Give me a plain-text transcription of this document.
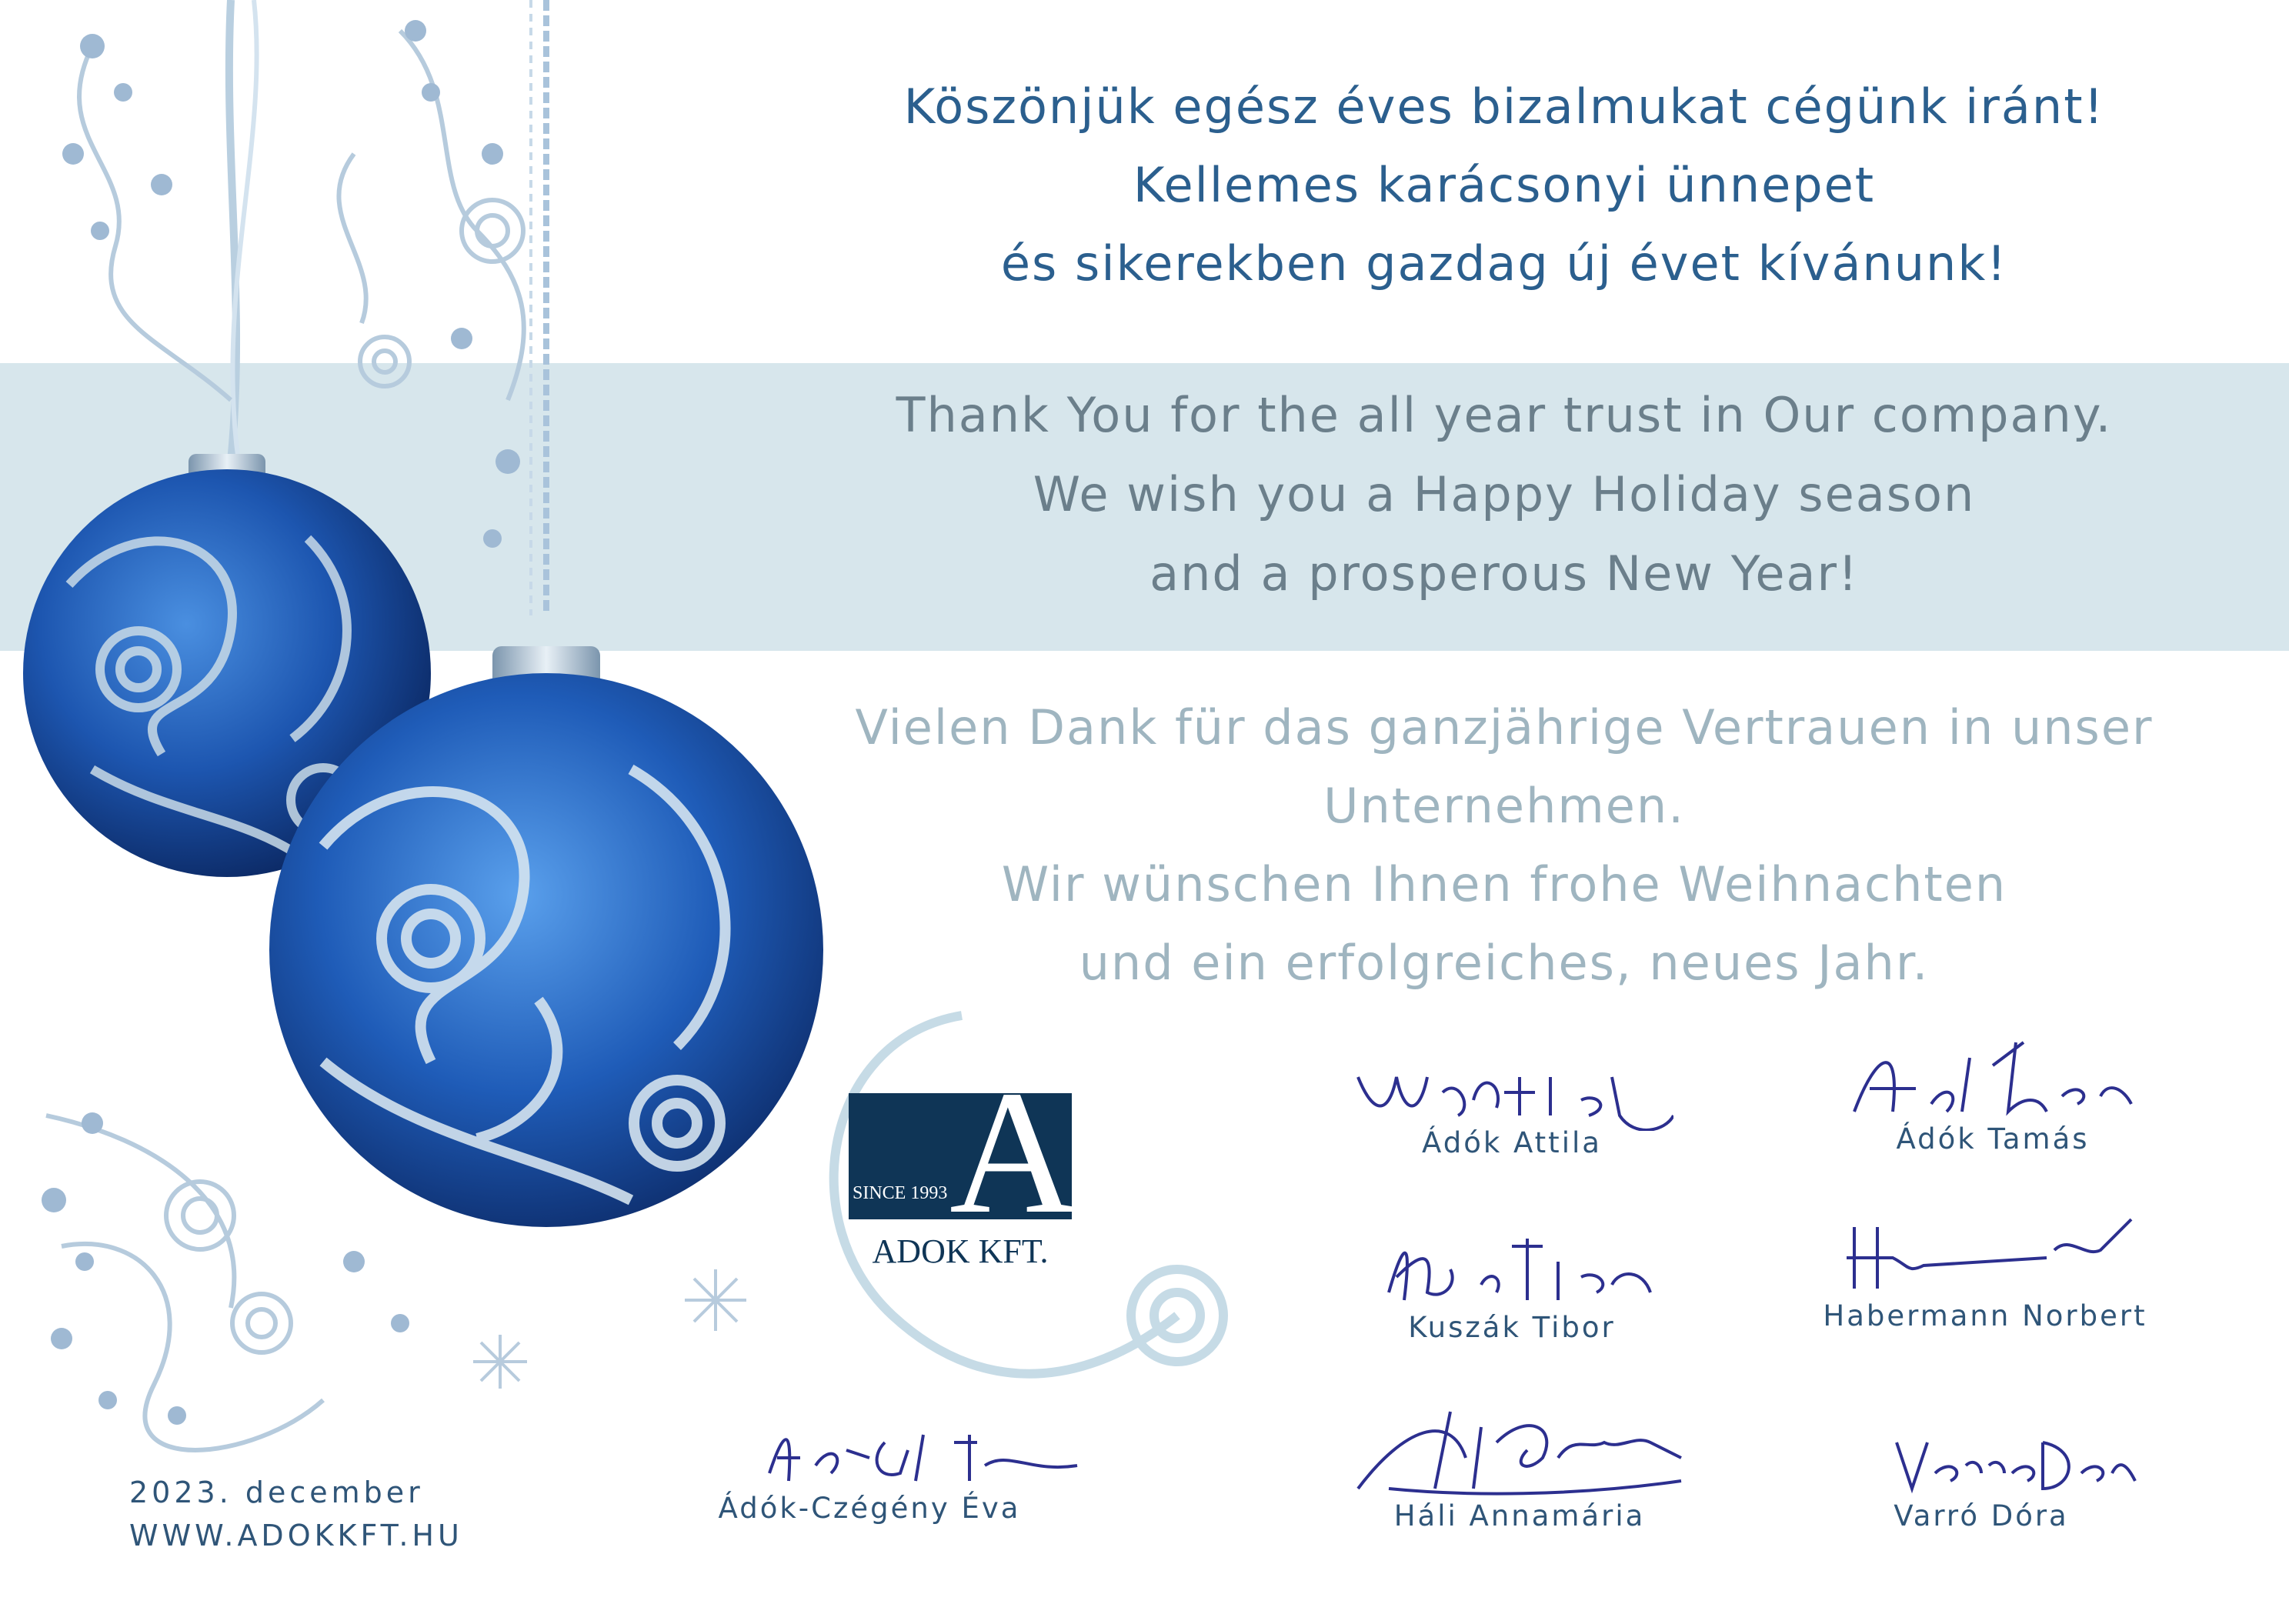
Köszönjük egész éves bizalmukat cégünk iránt!
Kellemes karácsonyi ünnepet
és sikerekben gazdag új évet kívánunk!
Thank You for the all year trust in Our company.
We wish you a Happy Holiday season
and a prosperous New Year!
Vielen Dank für das ganzjährige Vertrauen in unser
Unternehmen.
Wir wünschen Ihnen frohe Weihnachten
und ein erfolgreiches, neues Jahr.
A
SINCE 1993
ADOK KFT.
Ádók Attila	Ádók Tamás
Kuszák Tibor	Habermann Norbert
Ádók-Czégény Éva	Háli Annamária	Varró Dóra
2023. december
WWW.ADOKKFT.HU
